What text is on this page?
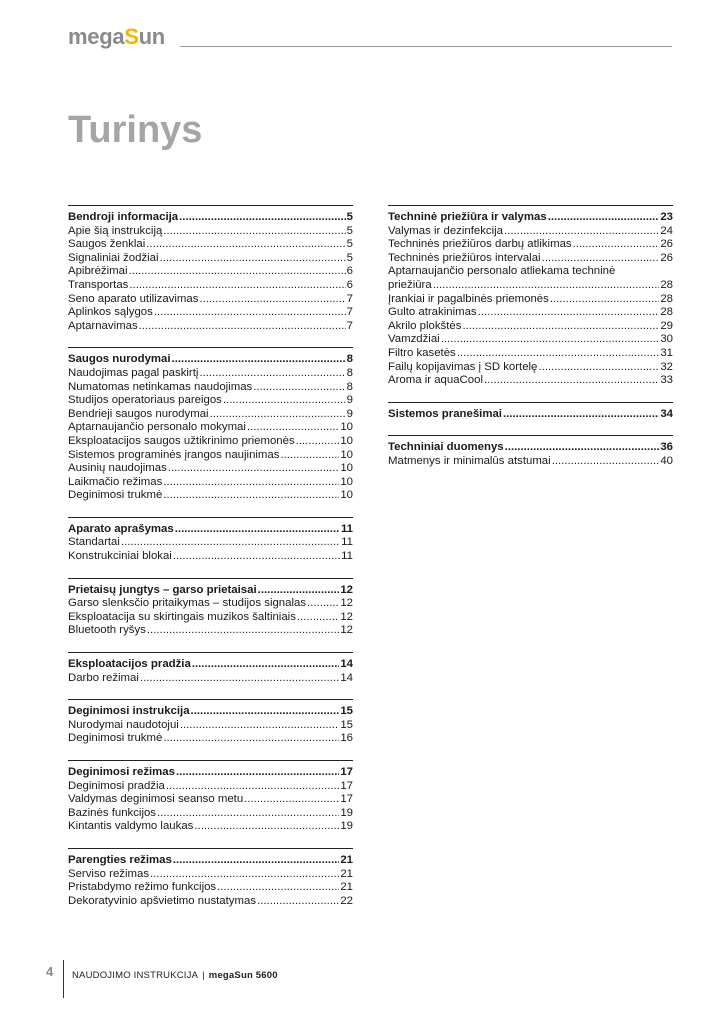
megaSun
Turinys
Bendroji informacija .....	5
Apie šią instrukciją .....	5
Saugos ženklai .....	5
Signaliniai žodžiai .....	5
Apibrėžimai .....	6
Transportas .....	6
Seno aparato utilizavimas .....	7
Aplinkos sąlygos .....	7
Aptarnavimas .....	7
Saugos nurodymai .....	8
Naudojimas pagal paskirtį .....	8
Numatomas netinkamas naudojimas .....	8
Studijos operatoriaus pareigos .....	9
Bendrieji saugos nurodymai .....	9
Aptarnaujančio personalo mokymai .....	10
Eksploatacijos saugos užtikrinimo priemonės .....	10
Sistemos programinės įrangos naujinimas .....	10
Ausinių naudojimas .....	10
Laikmačio režimas .....	10
Deginimosi trukmė .....	10
Aparato aprašymas .....	11
Standartai .....	11
Konstrukciniai blokai .....	11
Prietaisų jungtys – garso prietaisai .....	12
Garso slenksčio pritaikymas – studijos signalas .....	12
Eksploatacija su skirtingais muzikos šaltiniais .....	12
Bluetooth ryšys .....	12
Eksploatacijos pradžia .....	14
Darbo režimai .....	14
Deginimosi instrukcija .....	15
Nurodymai naudotojui .....	15
Deginimosi trukmė .....	16
Deginimosi režimas .....	17
Deginimosi pradžia .....	17
Valdymas deginimosi seanso metu .....	17
Bazinės funkcijos .....	19
Kintantis valdymo laukas .....	19
Parengties režimas .....	21
Serviso režimas .....	21
Pristabdymo režimo funkcijos .....	21
Dekoratyvinio apšvietimo nustatymas .....	22
Techninė priežiūra ir valymas .....	23
Valymas ir dezinfekcija .....	24
Techninės priežiūros darbų atlikimas .....	26
Techninės priežiūros intervalai .....	26
Aptarnaujančio personalo atliekama techninė
priežiūra .....	28
Įrankiai ir pagalbinės priemonės .....	28
Gulto atrakinimas .....	28
Akrilo plokštės .....	29
Vamzdžiai .....	30
Filtro kasetės .....	31
Failų kopijavimas į SD kortelę .....	32
Aroma ir aquaCool .....	33
Sistemos pranešimai .....	34
Techniniai duomenys .....	36
Matmenys ir minimalūs atstumai .....	40
4 NAUDOJIMO INSTRUKCIJA | megaSun 5600
